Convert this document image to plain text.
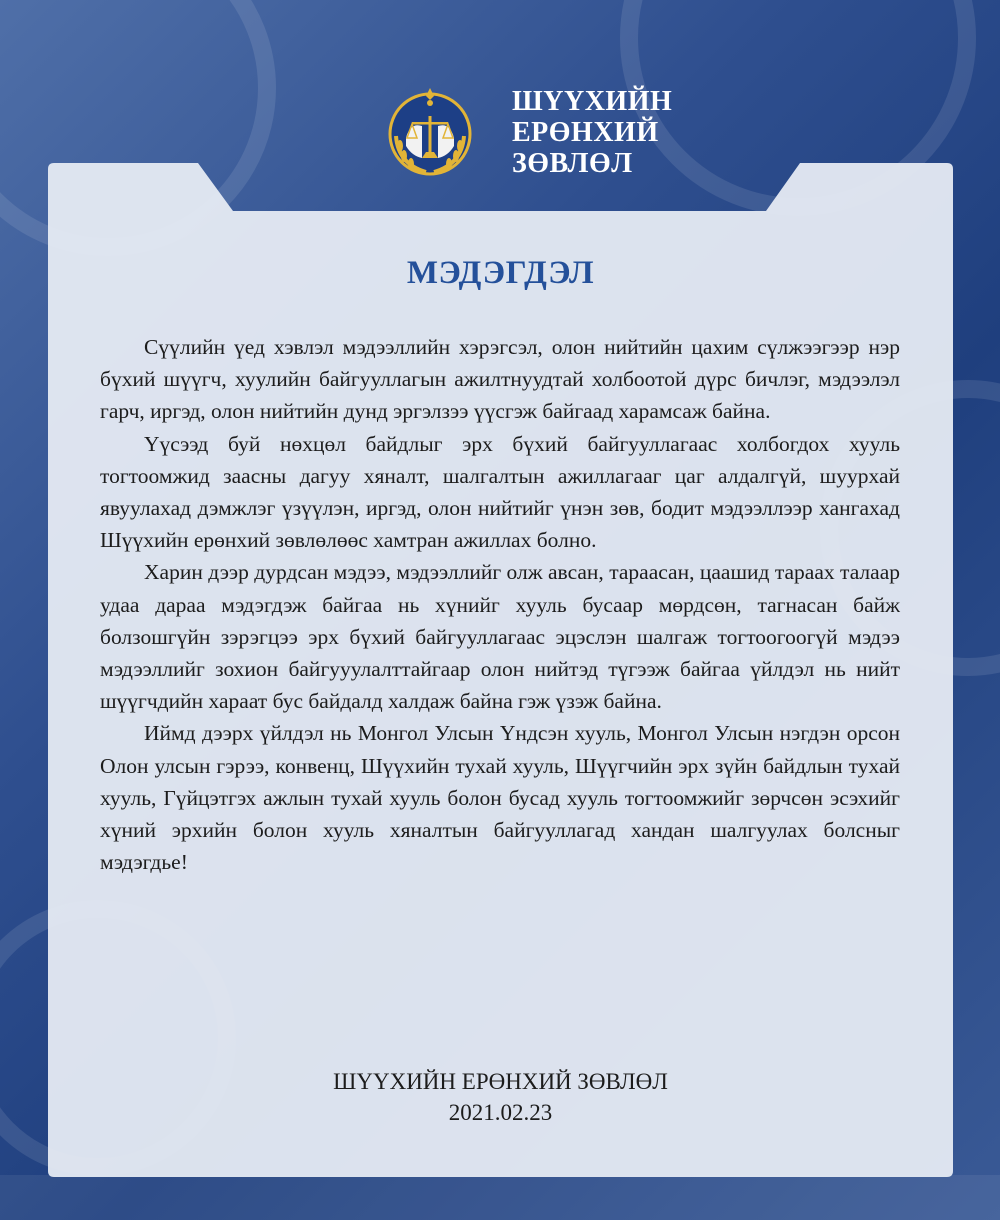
ШҮҮХИЙН
ЕРӨНХИЙ
ЗӨВЛӨЛ
МЭДЭГДЭЛ

Сүүлийн үед хэвлэл мэдээллийн хэрэгсэл, олон нийтийн цахим сүлжээгээр нэр бүхий шүүгч, хуулийн байгууллагын ажилтнуудтай холбоотой дүрс бичлэг, мэдээлэл гарч, иргэд, олон нийтийн дунд эргэлзээ үүсгэж байгаад харамсаж байна.

Үүсээд буй нөхцөл байдлыг эрх бүхий байгууллагаас холбогдох хууль тогтоомжид заасны дагуу хяналт, шалгалтын ажиллагааг цаг алдалгүй, шуурхай явуулахад дэмжлэг үзүүлэн, иргэд, олон нийтийг үнэн зөв, бодит мэдээллээр хангахад Шүүхийн ерөнхий зөвлөлөөс хамтран ажиллах болно.

Харин дээр дурдсан мэдээ, мэдээллийг олж авсан, тараасан, цаашид тараах талаар удаа дараа мэдэгдэж байгаа нь хүнийг хууль бусаар мөрдсөн, тагнасан байж болзошгүйн зэрэгцээ эрх бүхий байгууллагаас эцэслэн шалгаж тогтоогоогүй мэдээ мэдээллийг зохион байгууулалттайгаар олон нийтэд түгээж байгаа үйлдэл нь нийт шүүгчдийн хараат бус байдалд халдаж байна гэж үзэж байна.

Иймд дээрх үйлдэл нь Монгол Улсын Үндсэн хууль, Монгол Улсын нэгдэн орсон Олон улсын гэрээ, конвенц, Шүүхийн тухай хууль, Шүүгчийн эрх зүйн байдлын тухай хууль, Гүйцэтгэх ажлын тухай хууль болон бусад хууль тогтоомжийг зөрчсөн эсэхийг хүний эрхийн болон хууль хяналтын байгууллагад хандан шалгуулах болсныг мэдэгдье!

ШҮҮХИЙН ЕРӨНХИЙ ЗӨВЛӨЛ
2021.02.23
